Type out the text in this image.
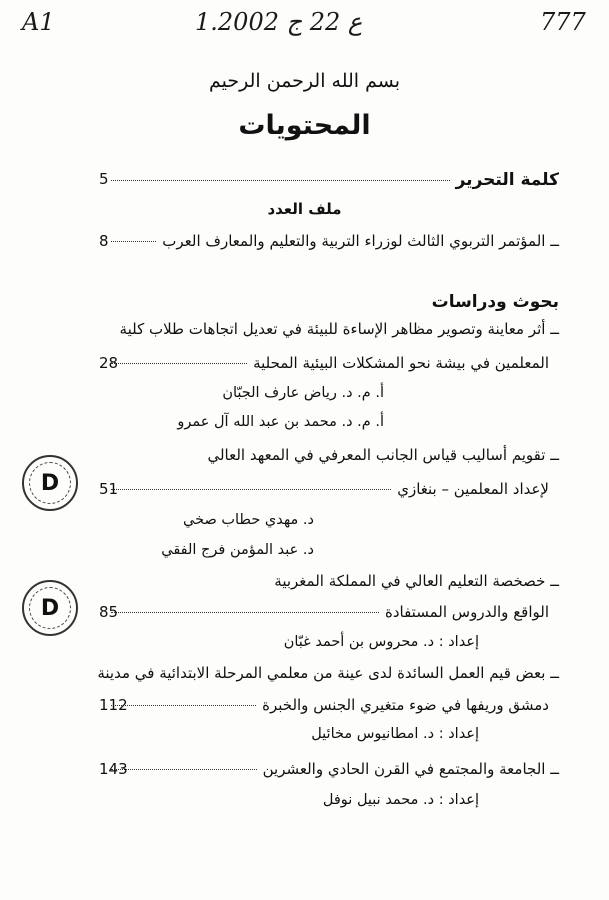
A1	1.ع 22 ج 2002	777
بسم الله الرحمن الرحيم
المحتويات
كلمة التحرير
5
ملف العدد
ــ المؤتمر التربوي الثالث لوزراء التربية والتعليم والمعارف العرب
8
بحوث ودراسات
ــ أثر معاينة وتصوير مظاهر الإساءة للبيئة في تعديل اتجاهات طلاب كلية
المعلمين في بيشة نحو المشكلات البيئية المحلية
28
أ. م. د. رياض عارف الجبّان
أ. م. د. محمد بن عبد الله آل عمرو
ــ تقويم أساليب قياس الجانب المعرفي في المعهد العالي
لإعداد المعلمين – بنغازي
51
د. مهدي حطاب صخي
د. عبد المؤمن فرج الفقي
ــ خصخصة التعليم العالي في المملكة المغربية
الواقع والدروس المستفادة
85
إعداد : د. محروس بن أحمد غبّان
ــ بعض قيم العمل السائدة لدى عينة من معلمي المرحلة الابتدائية في مدينة
دمشق وريفها في ضوء متغيري الجنس والخبرة
112
إعداد : د. امطانيوس مخائيل
ــ الجامعة والمجتمع في القرن الحادي والعشرين
143
إعداد : د. محمد نبيل نوفل
D
D
